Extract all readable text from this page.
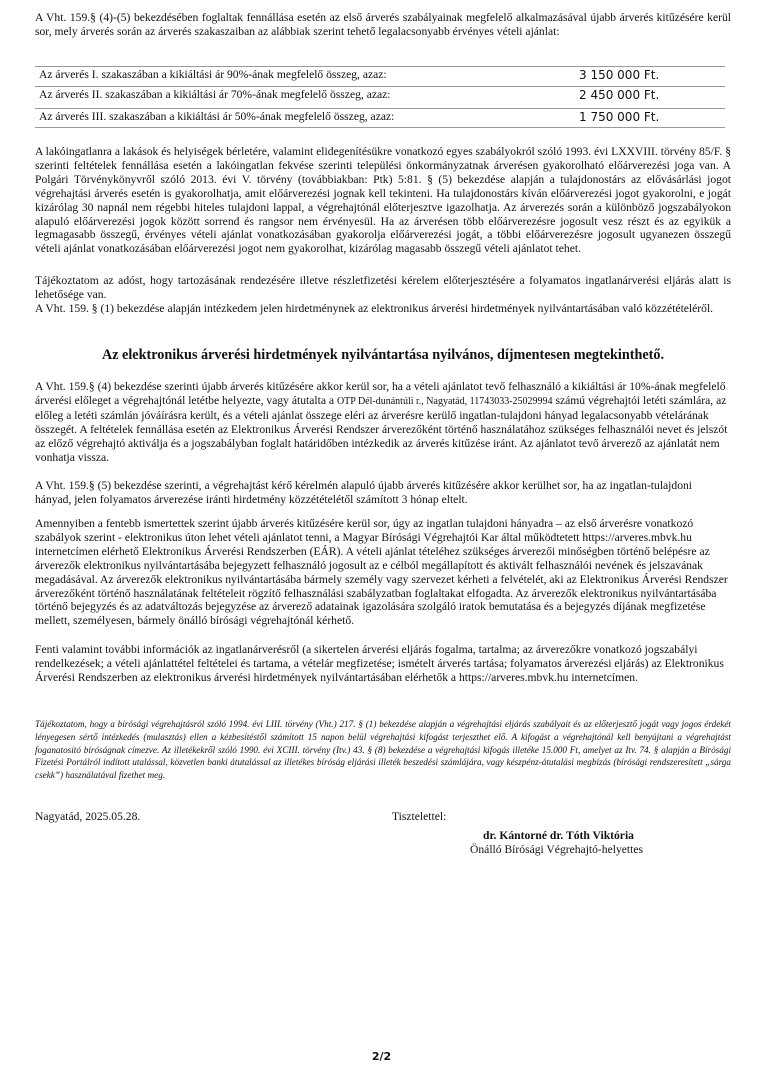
A Vht. 159.§ (4)-(5) bekezdésében foglaltak fennállása esetén az első árverés szabályainak megfelelő alkalmazásával újabb árverés kitűzésére kerül sor, mely árverés során az árverés szakaszaiban az alábbiak szerint tehető legalacsonyabb érvényes vételi ajánlat:
Az árverés I. szakaszában a kikiáltási ár 90%-ának megfelelő összeg, azaz:	3 150 000 Ft.
Az árverés II. szakaszában a kikiáltási ár 70%-ának megfelelő összeg, azaz:	2 450 000 Ft.
Az árverés III. szakaszában a kikiáltási ár 50%-ának megfelelő összeg, azaz:	1 750 000 Ft.
A lakóingatlanra a lakások és helyiségek bérletére, valamint elidegenítésükre vonatkozó egyes szabályokról szóló 1993. évi LXXVIII. törvény 85/F. § szerinti feltételek fennállása esetén a lakóingatlan fekvése szerinti települési önkormányzatnak árverésen gyakorolható előárverezési joga van. A Polgári Törvénykönyvről szóló 2013. évi V. törvény (továbbiakban: Ptk) 5:81. § (5) bekezdése alapján a tulajdonostárs az elővásárlási jogot végrehajtási árverés esetén is gyakorolhatja, amit előárverezési jognak kell tekinteni. Ha tulajdonostárs kíván előárverezési jogot gyakorolni, e jogát kizárólag 30 napnál nem régebbi hiteles tulajdoni lappal, a végrehajtónál előterjesztve igazolhatja. Az árverezés során a különböző jogszabályokon alapuló előárverezési jogok között sorrend és rangsor nem érvényesül. Ha az árverésen több előárverezésre jogosult vesz részt és az egyikük a legmagasabb összegű, érvényes vételi ajánlat vonatkozásában gyakorolja előárverezési jogát, a többi előárverezésre jogosult ugyanezen összegű vételi ajánlat vonatkozásában előárverezési jogot nem gyakorolhat, kizárólag magasabb összegű vételi ajánlatot tehet.
Tájékoztatom az adóst, hogy tartozásának rendezésére illetve részletfizetési kérelem előterjesztésére a folyamatos ingatlanárverési eljárás alatt is lehetősége van.
A Vht. 159. § (1) bekezdése alapján intézkedem jelen hirdetménynek az elektronikus árverési hirdetmények nyilvántartásában való közzétételéről.
Az elektronikus árverési hirdetmények nyilvántartása nyilvános, díjmentesen megtekinthető.
A Vht. 159.§ (4) bekezdése szerinti újabb árverés kitűzésére akkor kerül sor, ha a vételi ajánlatot tevő felhasználó a kikiáltási ár 10%-ának megfelelő árverési előleget a végrehajtónál letétbe helyezte, vagy átutalta a OTP Dél-dunántúli r., Nagyatád, 11743033-25029994 számú végrehajtói letéti számlára, az előleg a letéti számlán jóváírásra került, és a vételi ajánlat összege eléri az árverésre kerülő ingatlan-tulajdoni hányad legalacsonyabb vételárának összegét. A feltételek fennállása esetén az Elektronikus Árverési Rendszer árverezőként történő használatához szükséges felhasználói nevet és jelszót az előző végrehajtó aktiválja és a jogszabályban foglalt határidőben intézkedik az árverés kitűzése iránt. Az ajánlatot tevő árverező az ajánlatát nem vonhatja vissza.
A Vht. 159.§ (5) bekezdése szerinti, a végrehajtást kérő kérelmén alapuló újabb árverés kitűzésére akkor kerülhet sor, ha az ingatlan-tulajdoni hányad, jelen folyamatos árverezése iránti hirdetmény közzétételétől számított 3 hónap eltelt.
Amennyiben a fentebb ismertettek szerint újabb árverés kitűzésére kerül sor, úgy az ingatlan tulajdoni hányadra – az első árverésre vonatkozó szabályok szerint - elektronikus úton lehet vételi ajánlatot tenni, a Magyar Bírósági Végrehajtói Kar által működtetett https://arveres.mbvk.hu internetcímen elérhető Elektronikus Árverési Rendszerben (EÁR). A vételi ajánlat tételéhez szükséges árverezői minőségben történő belépésre az árverezők elektronikus nyilvántartásába bejegyzett felhasználó jogosult az e célból megállapított és aktivált felhasználói nevének és jelszavának megadásával. Az árverezők elektronikus nyilvántartásába bármely személy vagy szervezet kérheti a felvételét, aki az Elektronikus Árverési Rendszer árverezőként történő használatának feltételeit rögzítő felhasználási szabályzatban foglaltakat elfogadta. Az árverezők elektronikus nyilvántartásába történő bejegyzés és az adatváltozás bejegyzése az árverező adatainak igazolására szolgáló iratok bemutatása és a bejegyzés díjának megfizetése mellett, személyesen, bármely önálló bírósági végrehajtónál kérhető.
Fenti valamint további információk az ingatlanárverésről (a sikertelen árverési eljárás fogalma, tartalma; az árverezőkre vonatkozó jogszabályi rendelkezések; a vételi ajánlattétel feltételei és tartama, a vételár megfizetése; ismételt árverés tartása; folyamatos árverezési eljárás) az Elektronikus Árverési Rendszerben az elektronikus árverési hirdetmények nyilvántartásában elérhetők a https://arveres.mbvk.hu internetcímen.
Tájékoztatom, hogy a bírósági végrehajtásról szóló 1994. évi LIII. törvény (Vht.) 217. § (1) bekezdése alapján a végrehajtási eljárás szabályait és az előterjesztő jogát vagy jogos érdekét lényegesen sértő intézkedés (mulasztás) ellen a kézbesítéstől számított 15 napon belül végrehajtási kifogást terjeszthet elő. A kifogást a végrehajtónál kell benyújtani a végrehajtást foganatosító bíróságnak címezve. Az illetékekről szóló 1990. évi XCIII. törvény (Itv.) 43. § (8) bekezdése a végrehajtási kifogás illetéke 15.000 Ft, amelyet az Itv. 74. § alapján a Bírósági Fizetési Portálról indított utalással, közvetlen banki átutalással az illetékes bíróság eljárási illeték beszedési számlájára, vagy készpénz-átutalási megbízás (bírósági rendszeresített „sárga csekk”) használatával fizethet meg.
Nagyatád, 2025.05.28.	Tisztelettel:
dr. Kántorné dr. Tóth Viktória
Önálló Bírósági Végrehajtó-helyettes
2/2
